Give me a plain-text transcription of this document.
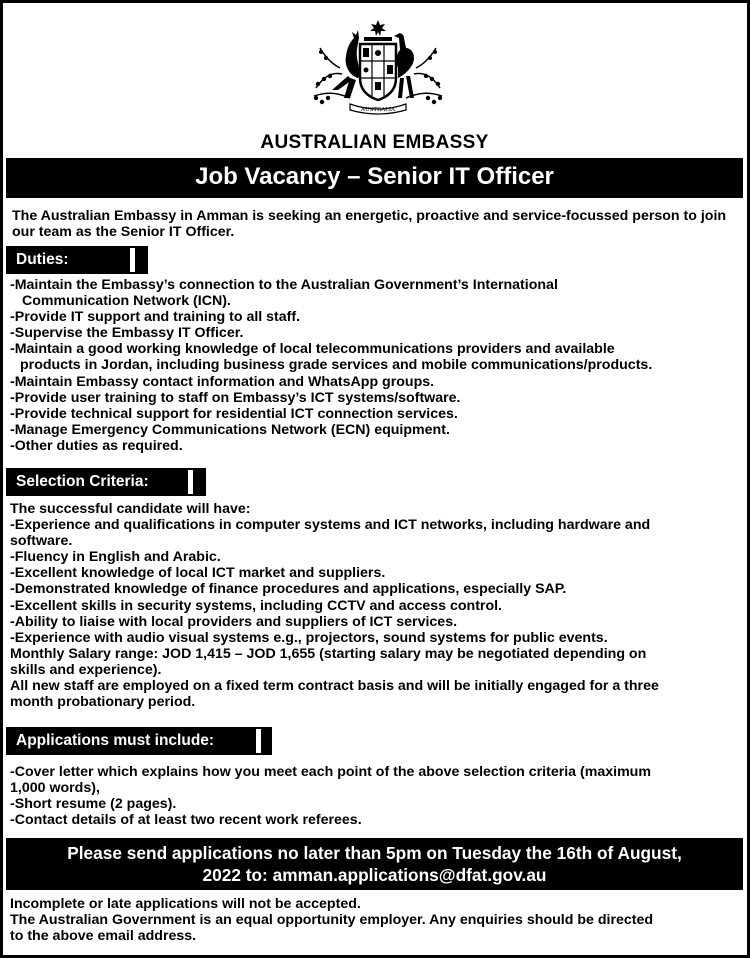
AUSTRALIA
AUSTRALIAN EMBASSY
Job Vacancy – Senior IT Officer

The Australian Embassy in Amman is seeking an energetic, proactive and service-focussed person to join our team as the Senior IT Officer.

Duties:
-Maintain the Embassy’s connection to the Australian Government’s International
Communication Network (ICN).
-Provide IT support and training to all staff.
-Supervise the Embassy IT Officer.
-Maintain a good working knowledge of local telecommunications providers and available
products in Jordan, including business grade services and mobile communications/products.
-Maintain Embassy contact information and WhatsApp groups.
-Provide user training to staff on Embassy’s ICT systems/software.
-Provide technical support for residential ICT connection services.
-Manage Emergency Communications Network (ECN) equipment.
-Other duties as required.
Selection Criteria:
The successful candidate will have:
-Experience and qualifications in computer systems and ICT networks, including hardware and
software.
-Fluency in English and Arabic.
-Excellent knowledge of local ICT market and suppliers.
-Demonstrated knowledge of finance procedures and applications, especially SAP.
-Excellent skills in security systems, including CCTV and access control.
-Ability to liaise with local providers and suppliers of ICT services.
-Experience with audio visual systems e.g., projectors, sound systems for public events.
Monthly Salary range: JOD 1,415 – JOD 1,655 (starting salary may be negotiated depending on
skills and experience).
All new staff are employed on a fixed term contract basis and will be initially engaged for a three
month probationary period.
Applications must include:
-Cover letter which explains how you meet each point of the above selection criteria (maximum
1,000 words),
-Short resume (2 pages).
-Contact details of at least two recent work referees.
Please send applications no later than 5pm on Tuesday the 16th of August,
2022 to: amman.applications@dfat.gov.au
Incomplete or late applications will not be accepted.
The Australian Government is an equal opportunity employer. Any enquiries should be directed
to the above email address.
